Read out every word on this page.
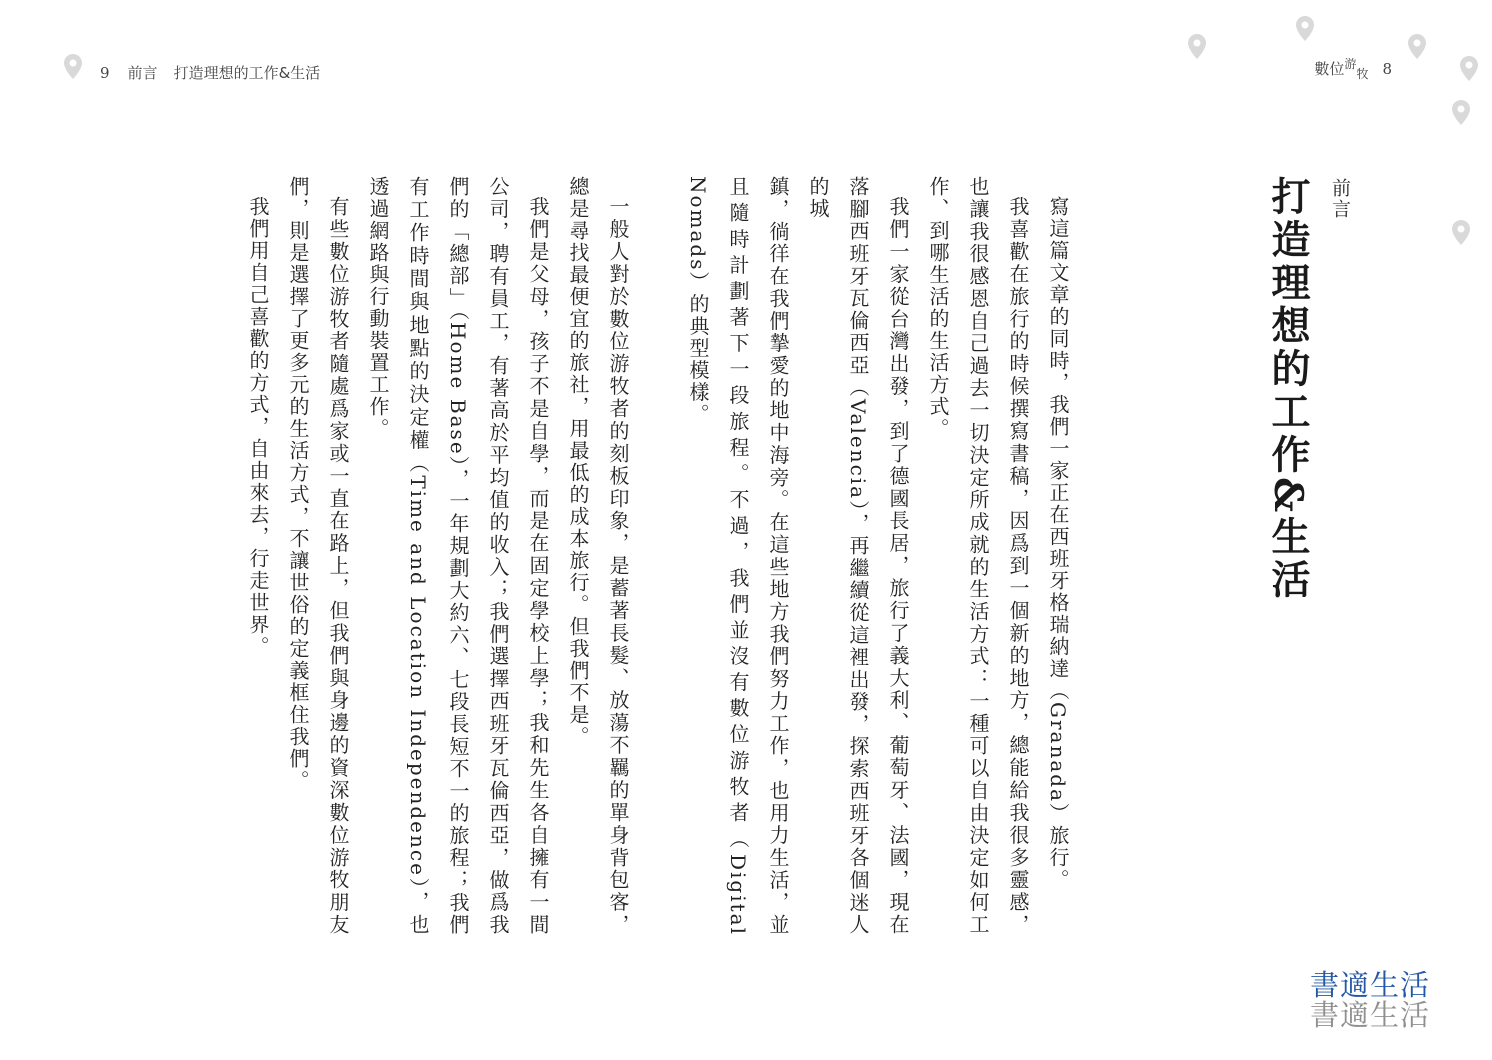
9 前言 打造理想的工作&生活	數位$^游_牧$ 8
前言
打造理想的工作&生活

寫這篇文章的同時，我們一家正在西班牙格瑞納達（Granada）旅行。

我喜歡在旅行的時候撰寫書稿，因爲到一個新的地方，總能給我很多靈感，也讓我很感恩自己過去一切決定所成就的生活方式：一種可以自由決定如何工作、到哪生活的生活方式。

我們一家從台灣出發，到了德國長居，旅行了義大利、葡萄牙、法國，現在落腳西班牙瓦倫西亞（Valencia），再繼續從這裡出發，探索西班牙各個迷人的城

鎮，徜徉在我們摯愛的地中海旁。在這些地方我們努力工作，也用力生活，並且隨時計劃著下一段旅程。不過，我們並沒有數位游牧者（Digital Nomads）的典型模樣。

一般人對於數位游牧者的刻板印象，是蓄著長髮、放蕩不羈的單身背包客，總是尋找最便宜的旅社，用最低的成本旅行。但我們不是。

我們是父母，孩子不是自學，而是在固定學校上學；我和先生各自擁有一間公司，聘有員工，有著高於平均值的收入；我們選擇西班牙瓦倫西亞，做爲我們的「總部」（Home Base），一年規劃大約六、七段長短不一的旅程；我們有工作時間與地點的決定權（Time and Location Independence），也透過網路與行動裝置工作。

有些數位游牧者隨處爲家或一直在路上，但我們與身邊的資深數位游牧朋友們，則是選擇了更多元的生活方式，不讓世俗的定義框住我們。

我們用自己喜歡的方式，自由來去，行走世界。

書適生活
書適生活
